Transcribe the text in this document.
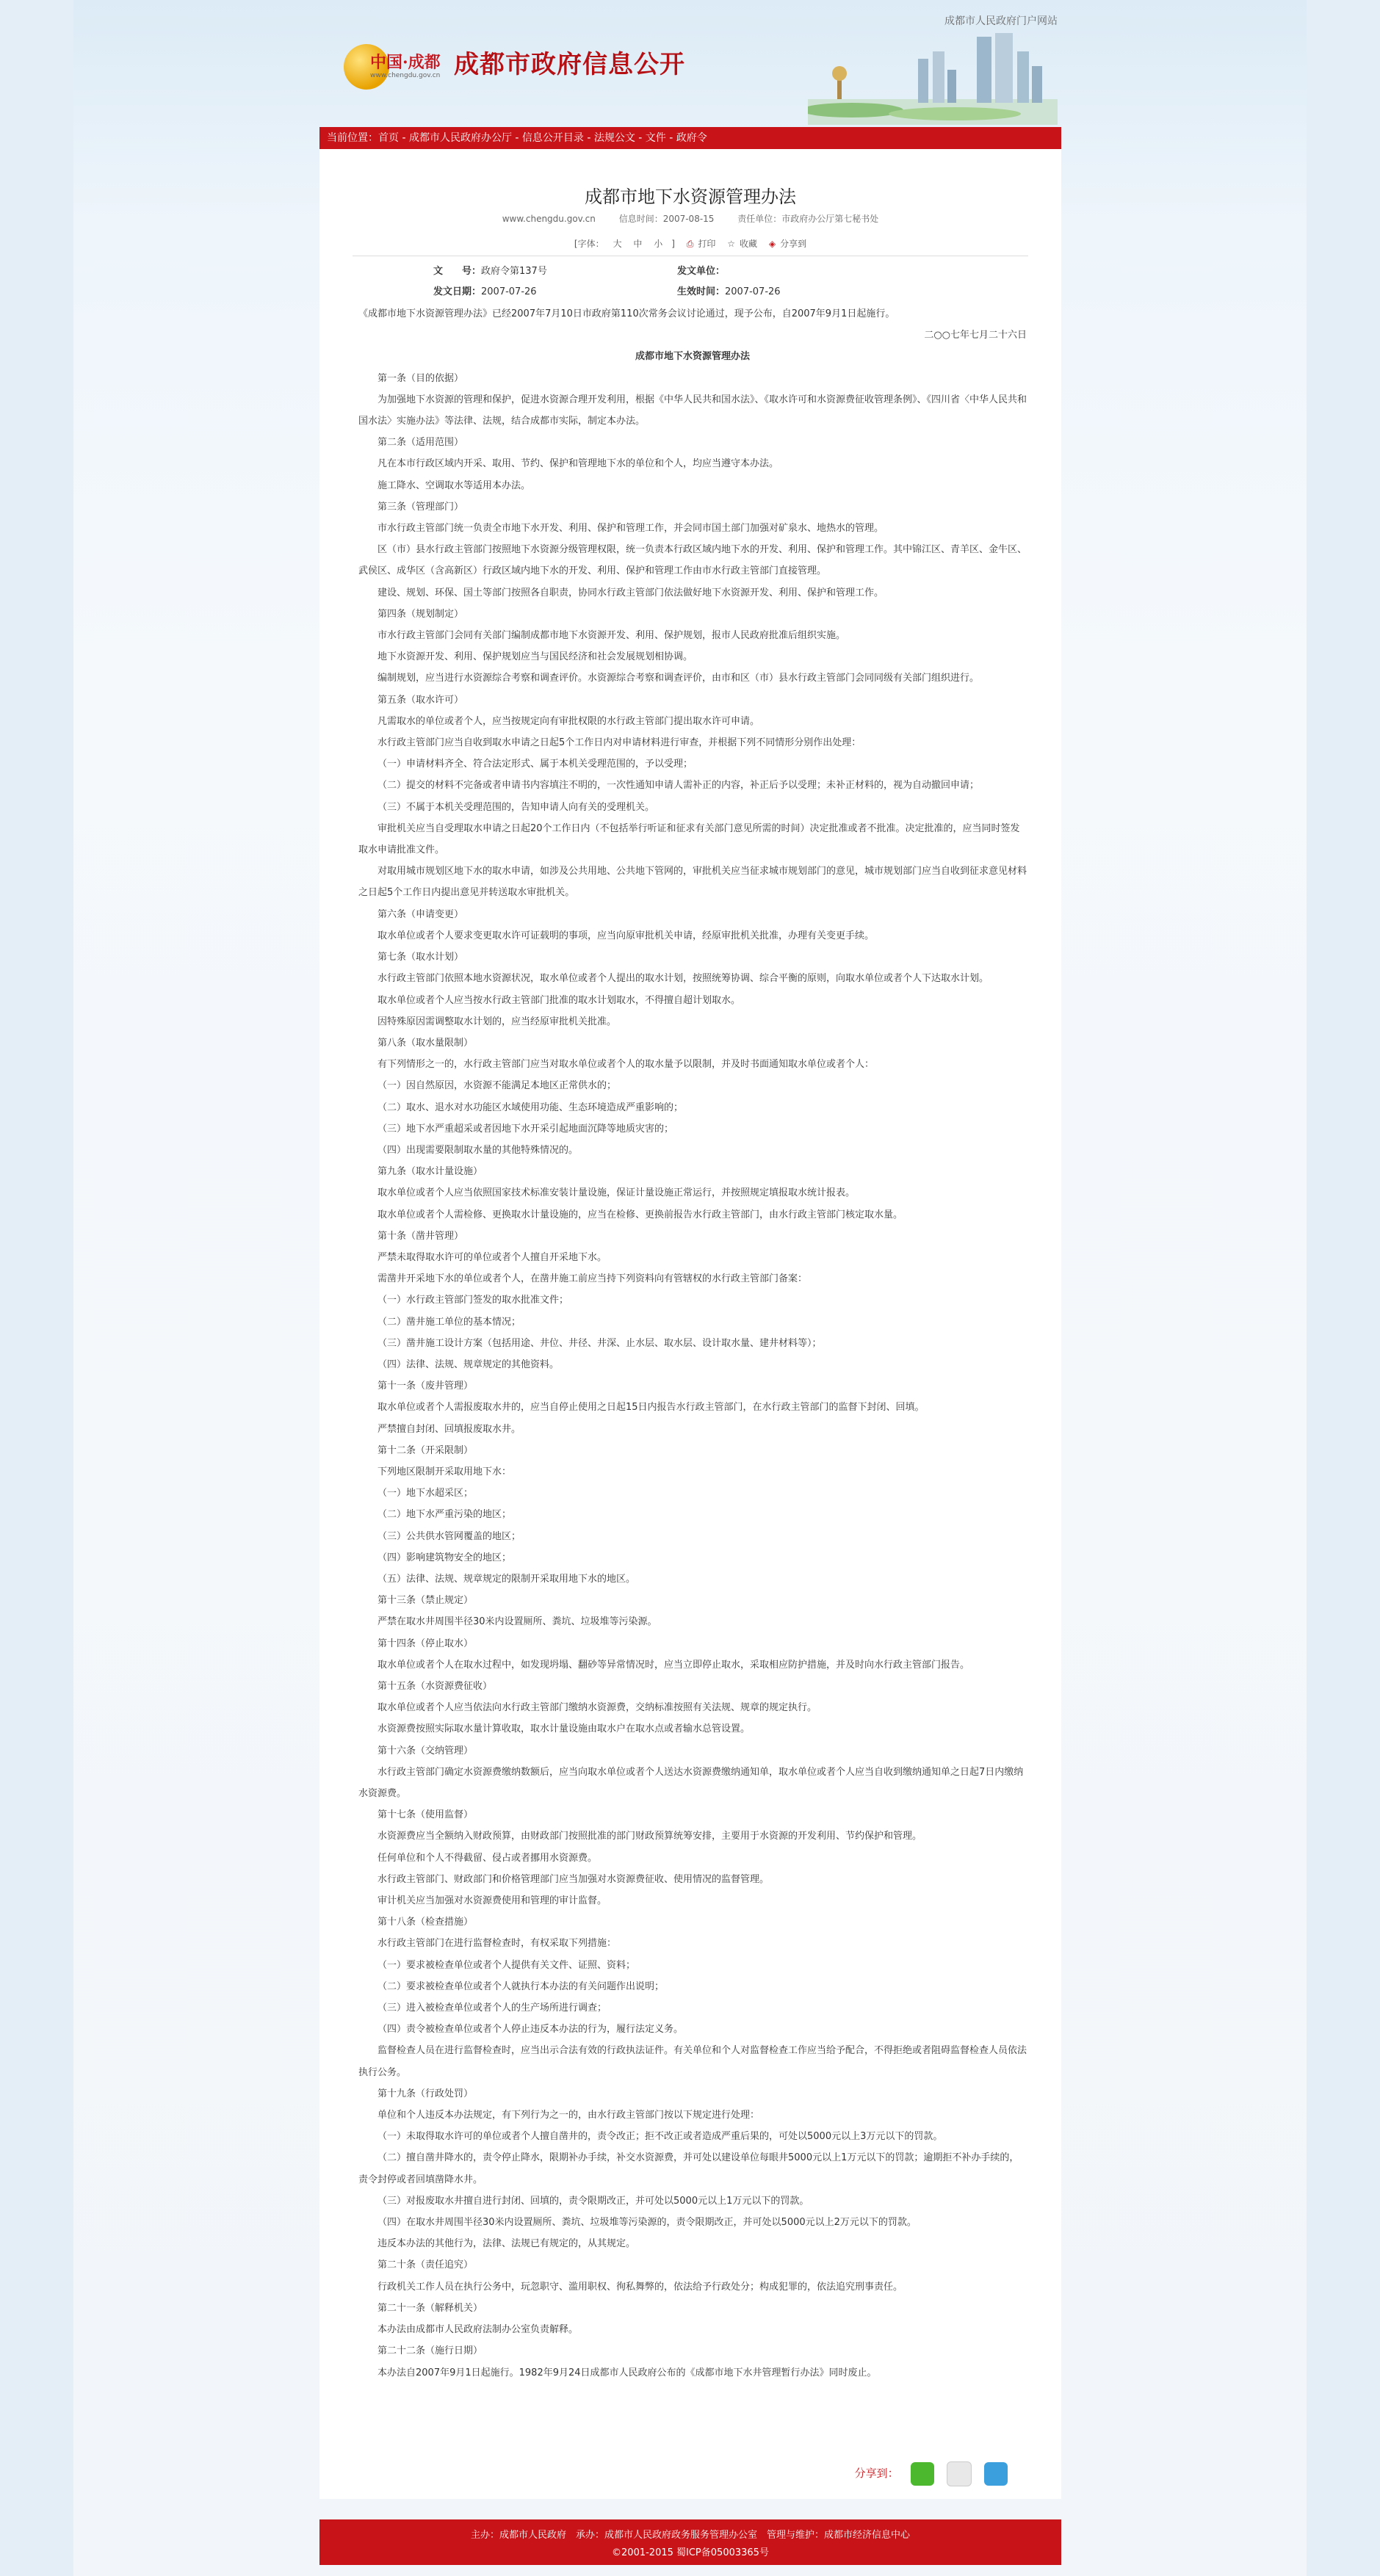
成都市人民政府门户网站
中国·成都
www.chengdu.gov.cn 成都市政府信息公开
当前位置：首页 - 成都市人民政府办公厅 - 信息公开目录 - 法规公文 - 文件 - 政府令
成都市地下水资源管理办法
www.chengdu.gov.cn	信息时间：2007-08-15	责任单位：市政府办公厅第七秘书处
[字体： 大 中 小 ] ⎙ 打印 ☆ 收藏 ◈ 分享到
文　　号：政府令第137号	发文单位：
发文日期：2007-07-26	生效时间：2007-07-26

《成都市地下水资源管理办法》已经2007年7月10日市政府第110次常务会议讨论通过，现予公布，自2007年9月1日起施行。

二○○七年七月二十六日

成都市地下水资源管理办法

第一条（目的依据）

为加强地下水资源的管理和保护，促进水资源合理开发利用，根据《中华人民共和国水法》、《取水许可和水资源费征收管理条例》、《四川省〈中华人民共和国水法〉实施办法》等法律、法规，结合成都市实际，制定本办法。

第二条（适用范围）

凡在本市行政区域内开采、取用、节约、保护和管理地下水的单位和个人，均应当遵守本办法。

施工降水、空调取水等适用本办法。

第三条（管理部门）

市水行政主管部门统一负责全市地下水开发、利用、保护和管理工作，并会同市国土部门加强对矿泉水、地热水的管理。

区（市）县水行政主管部门按照地下水资源分级管理权限，统一负责本行政区域内地下水的开发、利用、保护和管理工作。其中锦江区、青羊区、金牛区、武侯区、成华区（含高新区）行政区域内地下水的开发、利用、保护和管理工作由市水行政主管部门直接管理。

建设、规划、环保、国土等部门按照各自职责，协同水行政主管部门依法做好地下水资源开发、利用、保护和管理工作。

第四条（规划制定）

市水行政主管部门会同有关部门编制成都市地下水资源开发、利用、保护规划，报市人民政府批准后组织实施。

地下水资源开发、利用、保护规划应当与国民经济和社会发展规划相协调。

编制规划，应当进行水资源综合考察和调查评价。水资源综合考察和调查评价，由市和区（市）县水行政主管部门会同同级有关部门组织进行。

第五条（取水许可）

凡需取水的单位或者个人，应当按规定向有审批权限的水行政主管部门提出取水许可申请。

水行政主管部门应当自收到取水申请之日起5个工作日内对申请材料进行审查，并根据下列不同情形分别作出处理：

（一）申请材料齐全、符合法定形式、属于本机关受理范围的，予以受理；

（二）提交的材料不完备或者申请书内容填注不明的，一次性通知申请人需补正的内容，补正后予以受理；未补正材料的，视为自动撤回申请；

（三）不属于本机关受理范围的，告知申请人向有关的受理机关。

审批机关应当自受理取水申请之日起20个工作日内（不包括举行听证和征求有关部门意见所需的时间）决定批准或者不批准。决定批准的，应当同时签发取水申请批准文件。

对取用城市规划区地下水的取水申请，如涉及公共用地、公共地下管网的，审批机关应当征求城市规划部门的意见，城市规划部门应当自收到征求意见材料之日起5个工作日内提出意见并转送取水审批机关。

第六条（申请变更）

取水单位或者个人要求变更取水许可证载明的事项，应当向原审批机关申请，经原审批机关批准，办理有关变更手续。

第七条（取水计划）

水行政主管部门依照本地水资源状况，取水单位或者个人提出的取水计划，按照统筹协调、综合平衡的原则，向取水单位或者个人下达取水计划。

取水单位或者个人应当按水行政主管部门批准的取水计划取水，不得擅自超计划取水。

因特殊原因需调整取水计划的，应当经原审批机关批准。

第八条（取水量限制）

有下列情形之一的，水行政主管部门应当对取水单位或者个人的取水量予以限制，并及时书面通知取水单位或者个人：

（一）因自然原因，水资源不能满足本地区正常供水的；

（二）取水、退水对水功能区水域使用功能、生态环境造成严重影响的；

（三）地下水严重超采或者因地下水开采引起地面沉降等地质灾害的；

（四）出现需要限制取水量的其他特殊情况的。

第九条（取水计量设施）

取水单位或者个人应当依照国家技术标准安装计量设施，保证计量设施正常运行，并按照规定填报取水统计报表。

取水单位或者个人需检修、更换取水计量设施的，应当在检修、更换前报告水行政主管部门，由水行政主管部门核定取水量。

第十条（凿井管理）

严禁未取得取水许可的单位或者个人擅自开采地下水。

需凿井开采地下水的单位或者个人，在凿井施工前应当持下列资料向有管辖权的水行政主管部门备案：

（一）水行政主管部门签发的取水批准文件；

（二）凿井施工单位的基本情况；

（三）凿井施工设计方案（包括用途、井位、井径、井深、止水层、取水层、设计取水量、建井材料等）；

（四）法律、法规、规章规定的其他资料。

第十一条（废井管理）

取水单位或者个人需报废取水井的，应当自停止使用之日起15日内报告水行政主管部门，在水行政主管部门的监督下封闭、回填。

严禁擅自封闭、回填报废取水井。

第十二条（开采限制）

下列地区限制开采取用地下水：

（一）地下水超采区；

（二）地下水严重污染的地区；

（三）公共供水管网覆盖的地区；

（四）影响建筑物安全的地区；

（五）法律、法规、规章规定的限制开采取用地下水的地区。

第十三条（禁止规定）

严禁在取水井周围半径30米内设置厕所、粪坑、垃圾堆等污染源。

第十四条（停止取水）

取水单位或者个人在取水过程中，如发现坍塌、翻砂等异常情况时，应当立即停止取水，采取相应防护措施，并及时向水行政主管部门报告。

第十五条（水资源费征收）

取水单位或者个人应当依法向水行政主管部门缴纳水资源费，交纳标准按照有关法规、规章的规定执行。

水资源费按照实际取水量计算收取，取水计量设施由取水户在取水点或者输水总管设置。

第十六条（交纳管理）

水行政主管部门确定水资源费缴纳数额后，应当向取水单位或者个人送达水资源费缴纳通知单，取水单位或者个人应当自收到缴纳通知单之日起7日内缴纳水资源费。

第十七条（使用监督）

水资源费应当全额纳入财政预算，由财政部门按照批准的部门财政预算统筹安排，主要用于水资源的开发利用、节约保护和管理。

任何单位和个人不得截留、侵占或者挪用水资源费。

水行政主管部门、财政部门和价格管理部门应当加强对水资源费征收、使用情况的监督管理。

审计机关应当加强对水资源费使用和管理的审计监督。

第十八条（检查措施）

水行政主管部门在进行监督检查时，有权采取下列措施：

（一）要求被检查单位或者个人提供有关文件、证照、资料；

（二）要求被检查单位或者个人就执行本办法的有关问题作出说明；

（三）进入被检查单位或者个人的生产场所进行调查；

（四）责令被检查单位或者个人停止违反本办法的行为，履行法定义务。

监督检查人员在进行监督检查时，应当出示合法有效的行政执法证件。有关单位和个人对监督检查工作应当给予配合，不得拒绝或者阻碍监督检查人员依法执行公务。

第十九条（行政处罚）

单位和个人违反本办法规定，有下列行为之一的，由水行政主管部门按以下规定进行处理：

（一）未取得取水许可的单位或者个人擅自凿井的，责令改正；拒不改正或者造成严重后果的，可处以5000元以上3万元以下的罚款。

（二）擅自凿井降水的，责令停止降水，限期补办手续，补交水资源费，并可处以建设单位每眼井5000元以上1万元以下的罚款；逾期拒不补办手续的，责令封停或者回填凿降水井。

（三）对报废取水井擅自进行封闭、回填的，责令限期改正，并可处以5000元以上1万元以下的罚款。

（四）在取水井周围半径30米内设置厕所、粪坑、垃圾堆等污染源的，责令限期改正，并可处以5000元以上2万元以下的罚款。

违反本办法的其他行为，法律、法规已有规定的，从其规定。

第二十条（责任追究）

行政机关工作人员在执行公务中，玩忽职守、滥用职权、徇私舞弊的，依法给予行政处分；构成犯罪的，依法追究刑事责任。

第二十一条（解释机关）

本办法由成都市人民政府法制办公室负责解释。

第二十二条（施行日期）

本办法自2007年9月1日起施行。1982年9月24日成都市人民政府公布的《成都市地下水井管理暂行办法》同时废止。

分享到：
主办：成都市人民政府　承办：成都市人民政府政务服务管理办公室　管理与维护：成都市经济信息中心
©2001-2015 蜀ICP备05003365号
